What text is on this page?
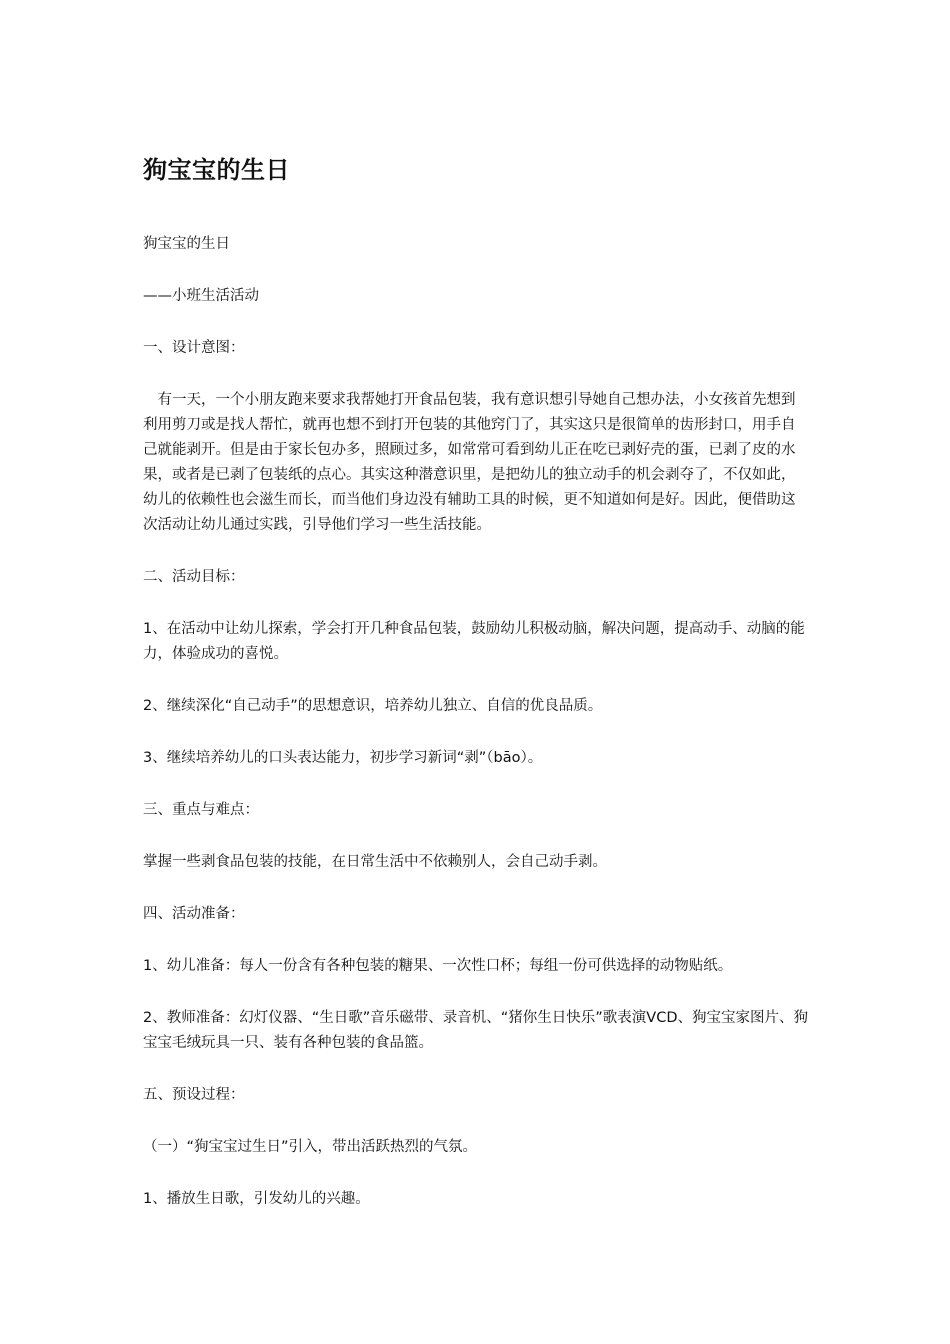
狗宝宝的生日

狗宝宝的生日

——小班生活活动

一、设计意图：

　有一天，一个小朋友跑来要求我帮她打开食品包装，我有意识想引导她自己想办法，小女孩首先想到利用剪刀或是找人帮忙，就再也想不到打开包装的其他窍门了，其实这只是很简单的齿形封口，用手自己就能剥开。但是由于家长包办多，照顾过多，如常常可看到幼儿正在吃已剥好壳的蛋，已剥了皮的水果，或者是已剥了包装纸的点心。其实这种潜意识里，是把幼儿的独立动手的机会剥夺了，不仅如此，幼儿的依赖性也会滋生而长，而当他们身边没有辅助工具的时候，更不知道如何是好。因此，便借助这次活动让幼儿通过实践，引导他们学习一些生活技能。

二、活动目标：

1、在活动中让幼儿探索，学会打开几种食品包装，鼓励幼儿积极动脑，解决问题，提高动手、动脑的能力，体验成功的喜悦。

2、继续深化“自己动手”的思想意识，培养幼儿独立、自信的优良品质。

3、继续培养幼儿的口头表达能力，初步学习新词“剥”（bāo）。

三、重点与难点：

掌握一些剥食品包装的技能，在日常生活中不依赖别人，会自己动手剥。

四、活动准备：

1、幼儿准备：每人一份含有各种包装的糖果、一次性口杯；每组一份可供选择的动物贴纸。

2、教师准备：幻灯仪器、“生日歌”音乐磁带、录音机、“猪你生日快乐”歌表演VCD、狗宝宝家图片、狗宝宝毛绒玩具一只、装有各种包装的食品篮。

五、预设过程：

（一）“狗宝宝过生日”引入，带出活跃热烈的气氛。

1、播放生日歌，引发幼儿的兴趣。
